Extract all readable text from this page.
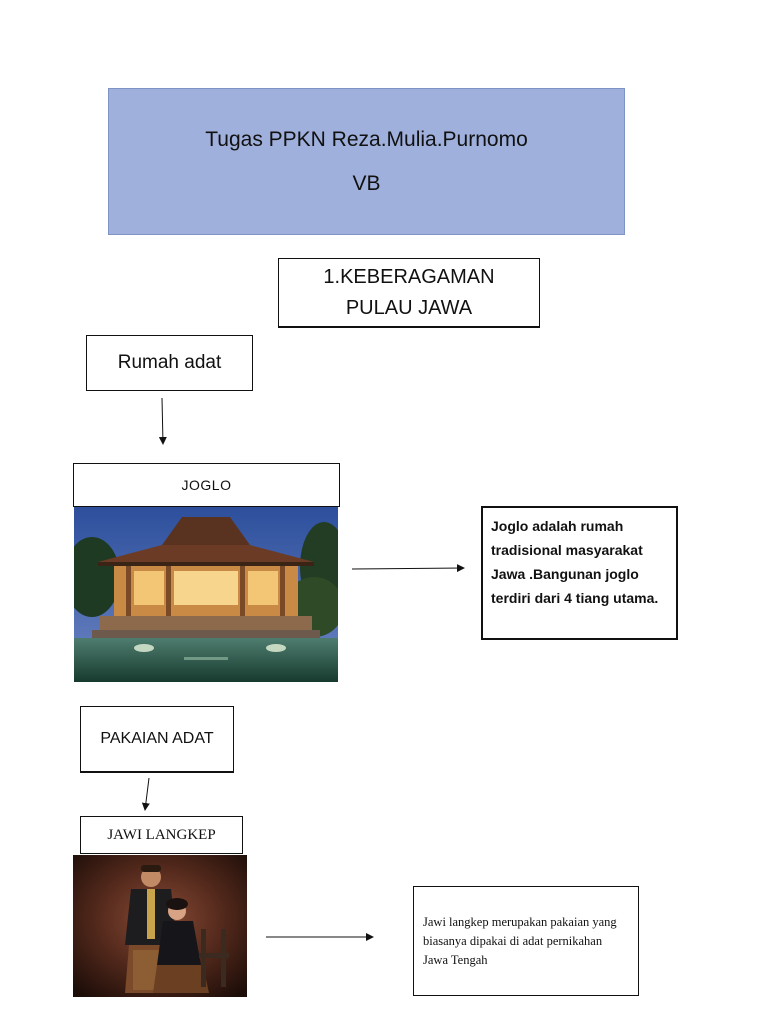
Tugas PPKN Reza.Mulia.Purnomo
VB
1.KEBERAGAMAN
PULAU JAWA
Rumah adat
JOGLO
Joglo adalah rumah tradisional masyarakat Jawa .Bangunan joglo terdiri dari 4 tiang utama.
PAKAIAN ADAT
JAWI LANGKEP
Jawi langkep merupakan pakaian yang biasanya dipakai di adat pernikahan Jawa Tengah
